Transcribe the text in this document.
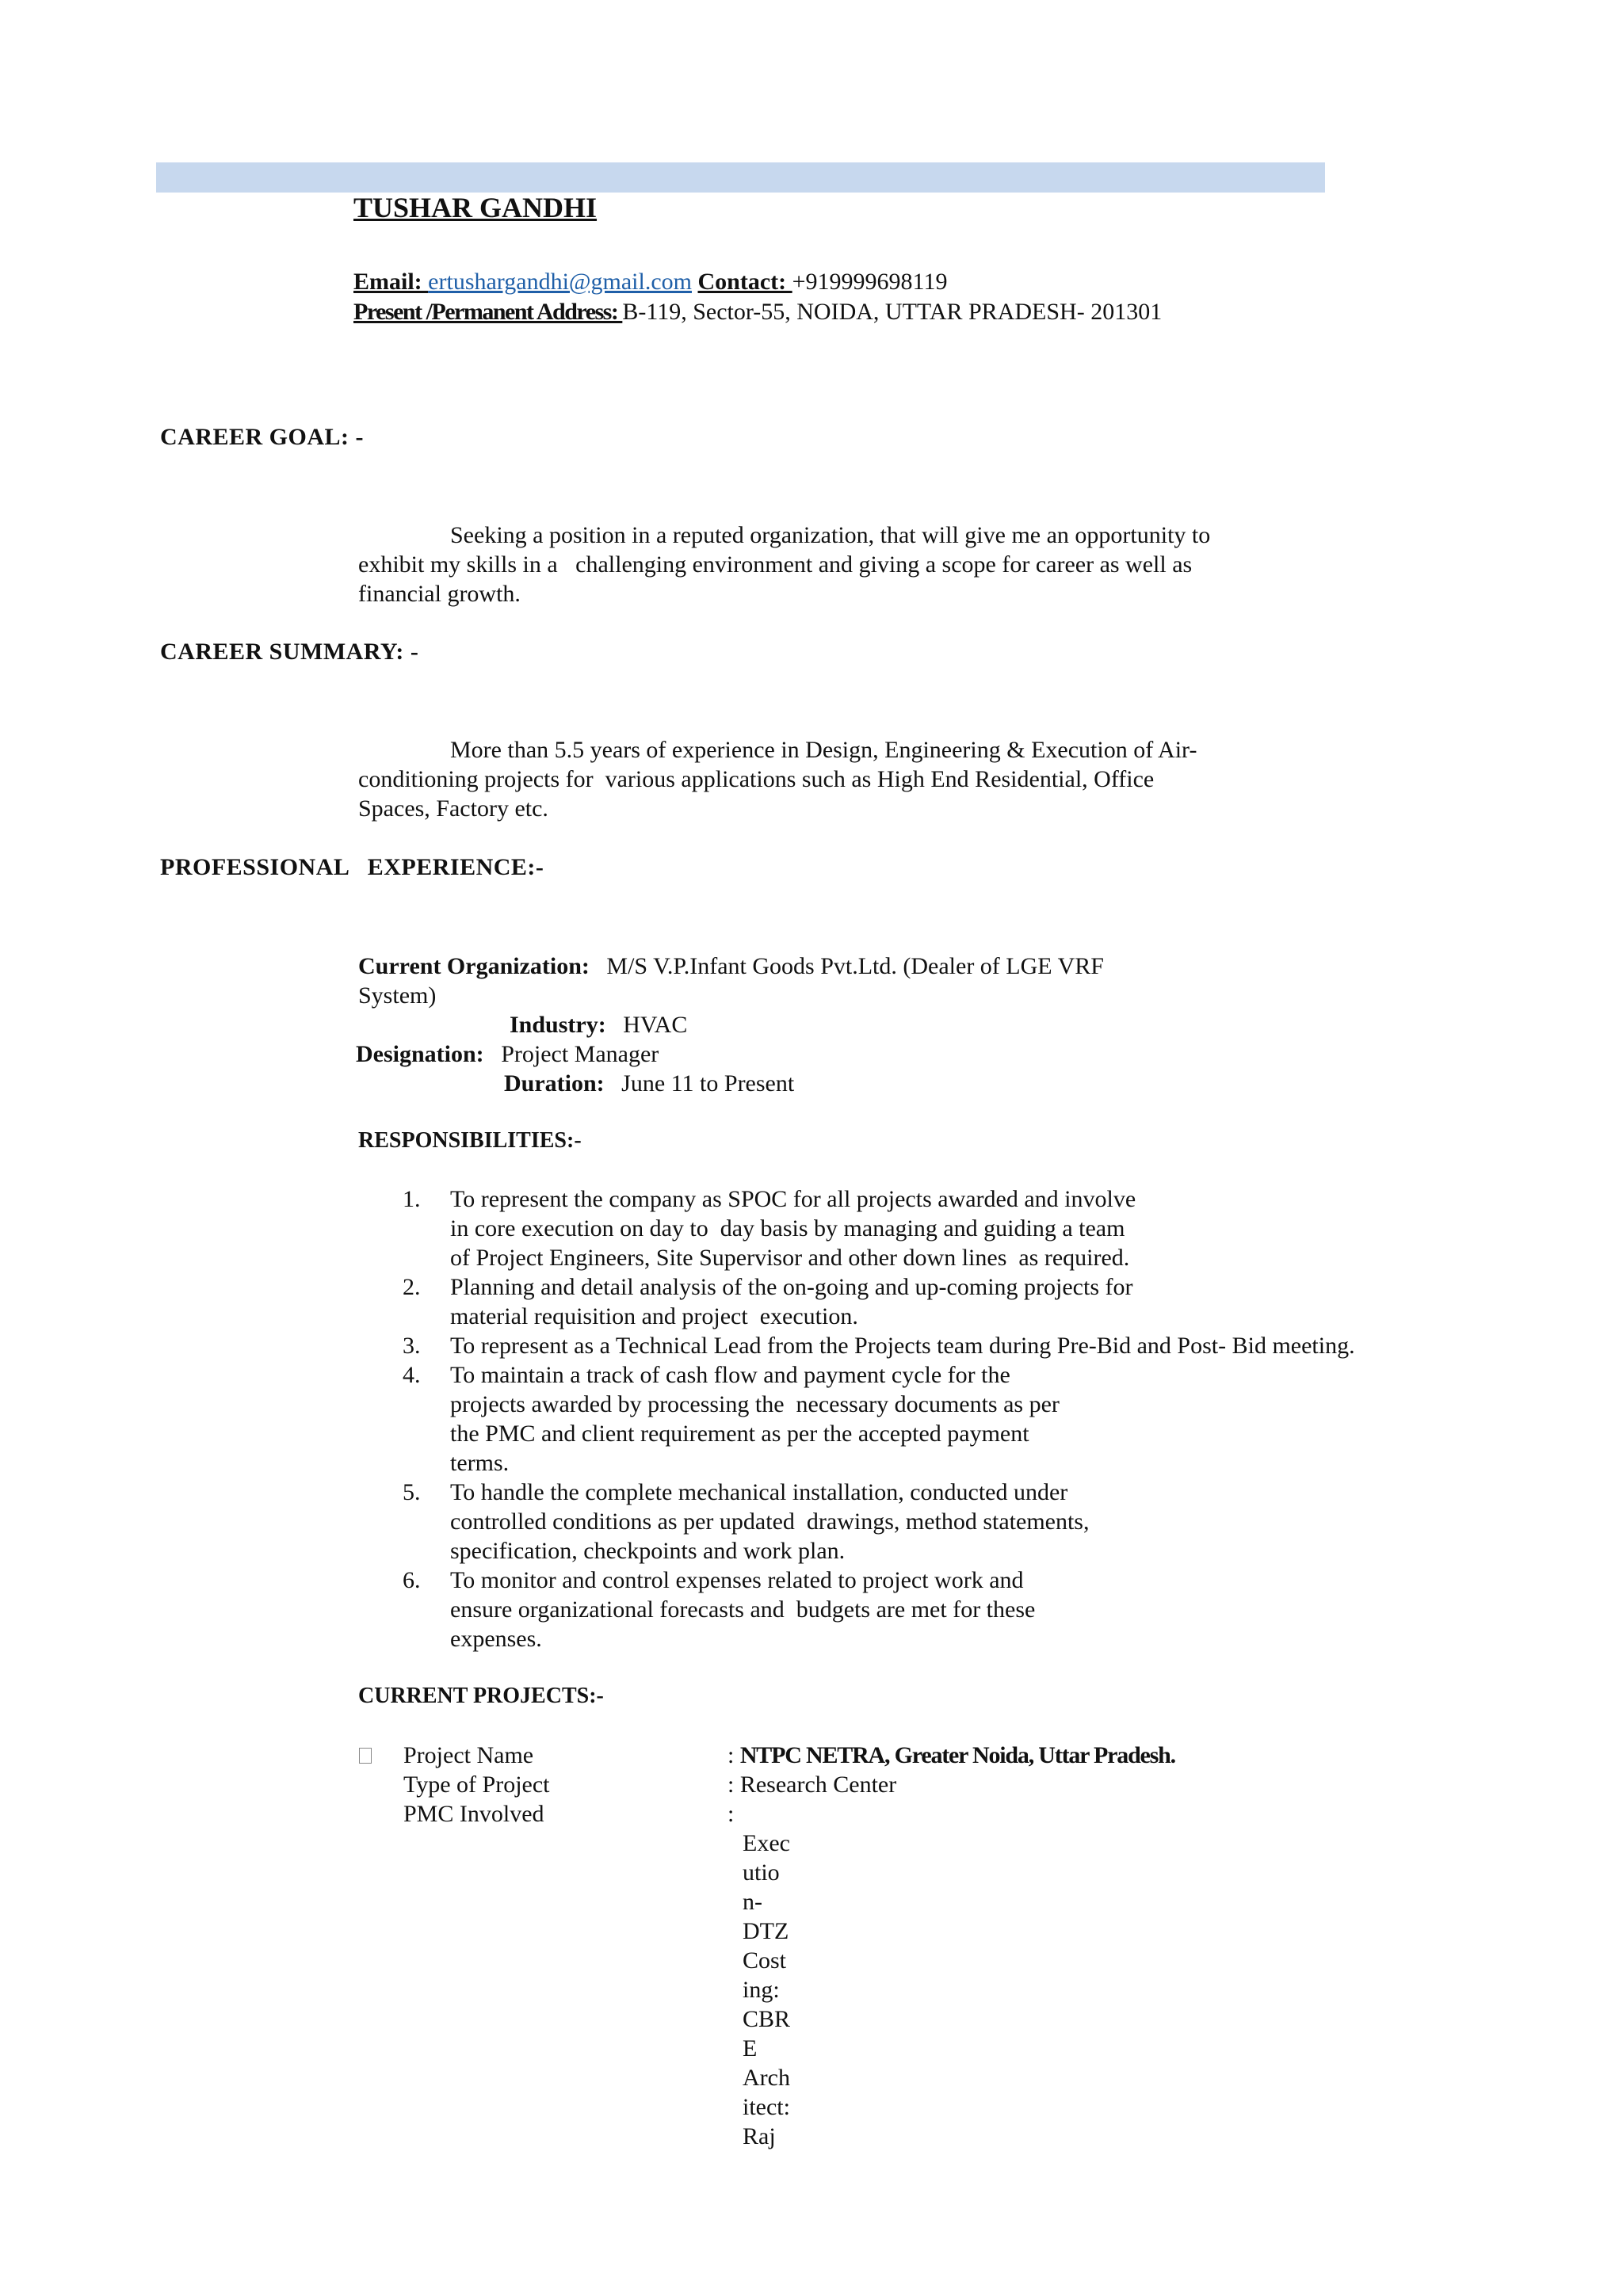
TUSHAR GANDHI
Email: ertushargandhi@gmail.com Contact: +919999698119
Present /Permanent Address: B-119, Sector-55, NOIDA, UTTAR PRADESH- 201301
CAREER GOAL: -
Seeking a position in a reputed organization, that will give me an opportunity to
exhibit my skills in a   challenging environment and giving a scope for career as well as
financial growth.
CAREER SUMMARY: -
More than 5.5 years of experience in Design, Engineering & Execution of Air-
conditioning projects for  various applications such as High End Residential, Office
Spaces, Factory etc.
PROFESSIONAL   EXPERIENCE:-
Current Organization: M/S V.P.Infant Goods Pvt.Ltd. (Dealer of LGE VRF
System)
Industry: HVAC
Designation: Project Manager
Duration: June 11 to Present
RESPONSIBILITIES:-
1. To represent the company as SPOC for all projects awarded and involve
in core execution on day to  day basis by managing and guiding a team
of Project Engineers, Site Supervisor and other down lines  as required.
2. Planning and detail analysis of the on-going and up-coming projects for
material requisition and project  execution.
3. To represent as a Technical Lead from the Projects team during Pre-Bid and Post- Bid meeting.
4. To maintain a track of cash flow and payment cycle for the
projects awarded by processing the  necessary documents as per
the PMC and client requirement as per the accepted payment
terms.
5. To handle the complete mechanical installation, conducted under
controlled conditions as per updated  drawings, method statements,
specification, checkpoints and work plan.
6. To monitor and control expenses related to project work and
ensure organizational forecasts and  budgets are met for these
expenses.
CURRENT PROJECTS:-
Project Name	: NTPC NETRA, Greater Noida, Uttar Pradesh.
Type of Project	: Research Center
PMC Involved	:
Exec
utio
n-
DTZ
Cost
ing:
CBR
E
Arch
itect:
Raj
